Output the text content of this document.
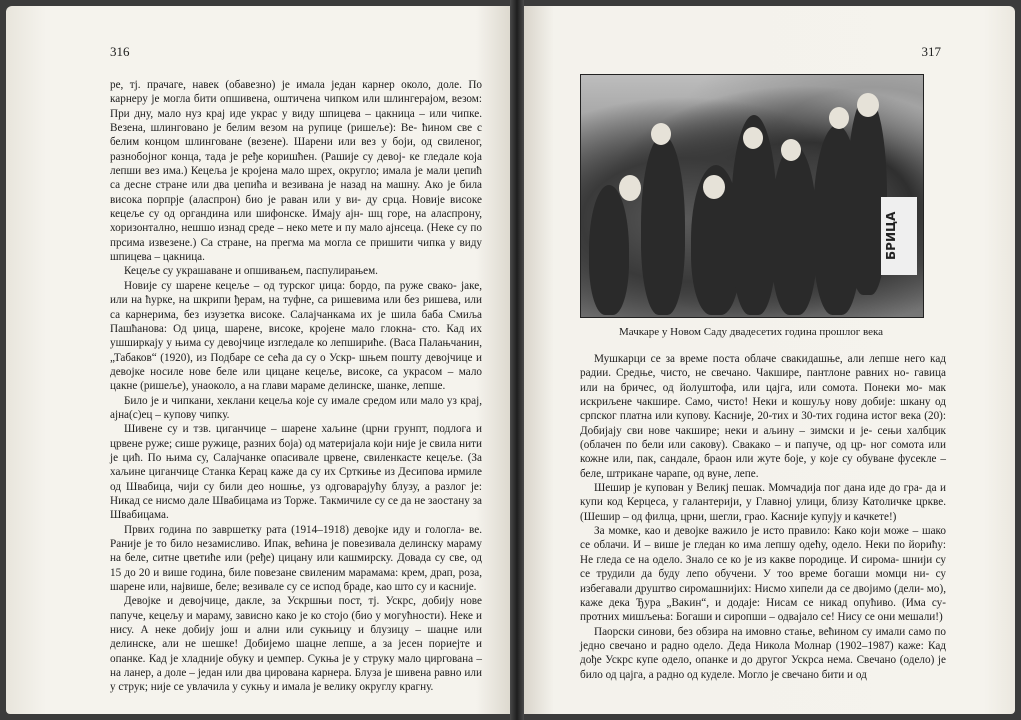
316

ре, тј. прачаге, навек (обавезно) је имала један карнер около, доле. По карнеру је могла бити опшивена, оштичена чипком или шлингерајом, везом: При дну, мало нуз крај иде украс у виду шпицева – цакница – или чипке. Везена, шлинговано је белим везом на рупице (ришеље): Ве- ћином све с белим концом шлинговане (везене). Шарени или вез у боји, од свиленог, разнобојног конца, тада је ређе коришћен. (Рашије су девој- ке гледале која лепши вез има.) Кецеља је кројена мало шрех, округло; имала је мали џепић са десне стране или два џепића и везивана је назад на машну. Ако је била висока порпрје (аласпрон) био је раван или у ви- ду срца. Новије високе кецеље су од органдина или шифонске. Имају ајн- шц горе, на аласпрону, хоризонтално, нешшо изнад среде – неко мете и пу мало ајнсеца. (Неке су по прсима извезене.) Са стране, на прегма ма могла се пришити чипка у виду шпицева – цакница.

Кецеље су украшаване и опшивањем, паспулирањем.

Новије су шарене кецеље – од турског џица: бордо, па руже свако- јаке, или на ћурке, на шкрипи ђерам, на туфне, са ришевима или без ришева, или са карнерима, без изузетка високе. Салајчанкама их је шила баба Смиља Пашћанова: Од џица, шарене, високе, кројене мало глокна- сто. Кад их ушширкају у њима су девојчице изгледале ко лепшириће. (Васа Палањчанин, „Табаков“ (1920), из Подбаре се сећа да су о Ускр- шњем пошту девојчице и девојке носиле нове беле или цицане кецеље, високе, са украсом – мало цакне (ришеље), унаоколо, а на глави мараме делинске, шанке, лепше.

Било је и чипкани, хеклани кецеља које су имале средом или мало уз крај, ајна(с)ец – купову чипку.

Шивене су и тзв. циганчице – шарене хаљине (црни грунпт, подлога и црвене руже; сише ружице, разних боја) од материјала који није је свила нити је цић. По њима су, Салајчанке опасивале црвене, свиленкасте кецеље. (За хаљине циганчице Станка Керац каже да су их Срткиње из Десипова ирмиле од Швабица, чији су били део ношње, уз одговарајућу блузу, а разлог је: Никад се нисмо дале Швабицама из Торже. Такмичиле су се да не заостану за Швабицама.

Првих година по завршетку рата (1914–1918) девојке иду и гологла- ве. Раније је то било незамисливо. Ипак, већина је повезивала делинску мараму на беле, ситне цветиће или (ређе) цицану или кашмирску. Довада су све, од 15 до 20 и више година, биле повезане свиленим марамама: крем, драп, роза, шарене или, највише, беле; везивале су се испод браде, као што су и касније.

Девојке и девојчице, дакле, за Ускршњи пост, тј. Ускрс, добију нове папуче, кецељу и мараму, зависно како је ко стојо (био у могућности). Неке и нису. А неке добију још и ални или сукњицу и блузицу – шацне или делинске, али не шешке! Добијемо шацне лепше, а за јесен пориејте и опанке. Кад је хладније обуку и џемпер. Сукња је у струку мало циргована – на ланер, а доле – један или два цирована карнера. Блуза је шивена равно или у струк; није се увлачила у сукњу и имала је велику округлу крагну.

317
БРИЦА
Мачкаре у Новом Саду двадесетих година прошлог века

Мушкарци се за време поста облаче свакидашње, али лепше него кад радии. Средње, чисто, не свечано. Чакшире, пантлоне равних но- гавица или на бричес, од йолуштофа, или цајга, или сомота. Понеки мо- мак искриљене чакшире. Само, чисто! Неки и кошуљу нову добије: шкану од српског платна или купову. Касније, 20-тих и 30-тих година истог века (20): Добијају сви нове чакшире; неки и аљину – зимски и је- сењи халбцик (облачен по бели или сакову). Свакако – и папуче, од цр- ног сомота или кожне или, пак, сандале, браон или жуте боје, у које су обуване фусекле – беле, штрикане чарапе, од вуне, лепе.

Шешир је купован у Великј пешак. Момчадија пог дана иде до гра- да и купи код Керцеса, у галантерији, у Главној улици, близу Католичке цркве. (Шешир – од филца, црни, шегли, грао. Касније купују и качкете!)

За момке, као и девојке важило је исто правило: Како који може – шако се облачи. И – више је гледан ко има лепшу одећу, одело. Неки по йорићу: Не гледа се на одело. Знало се ко је из какве породице. И сирома- шнији су се трудили да буду лепо обучени. У тоо време богаши момци ни- су избегавали друштво сиромашнијих: Нисмо хипели да се двојимо (дели- мо), каже дека Ђура „Вакин“, и додаје: Нисам се никад опућиво. (Има су- протних мишљења: Богаши и сиропши – одвајало се! Нису се они мешали!)

Паорски синови, без обзира на имовно стање, већином су имали само по једно свечано и радно одело. Деда Никола Молнар (1902–1987) каже: Кад дође Ускрс купе одело, опанке и до другог Ускрса нема. Свечано (одело) је било од цајга, а радно од куделе. Могло је свечано бити и од
